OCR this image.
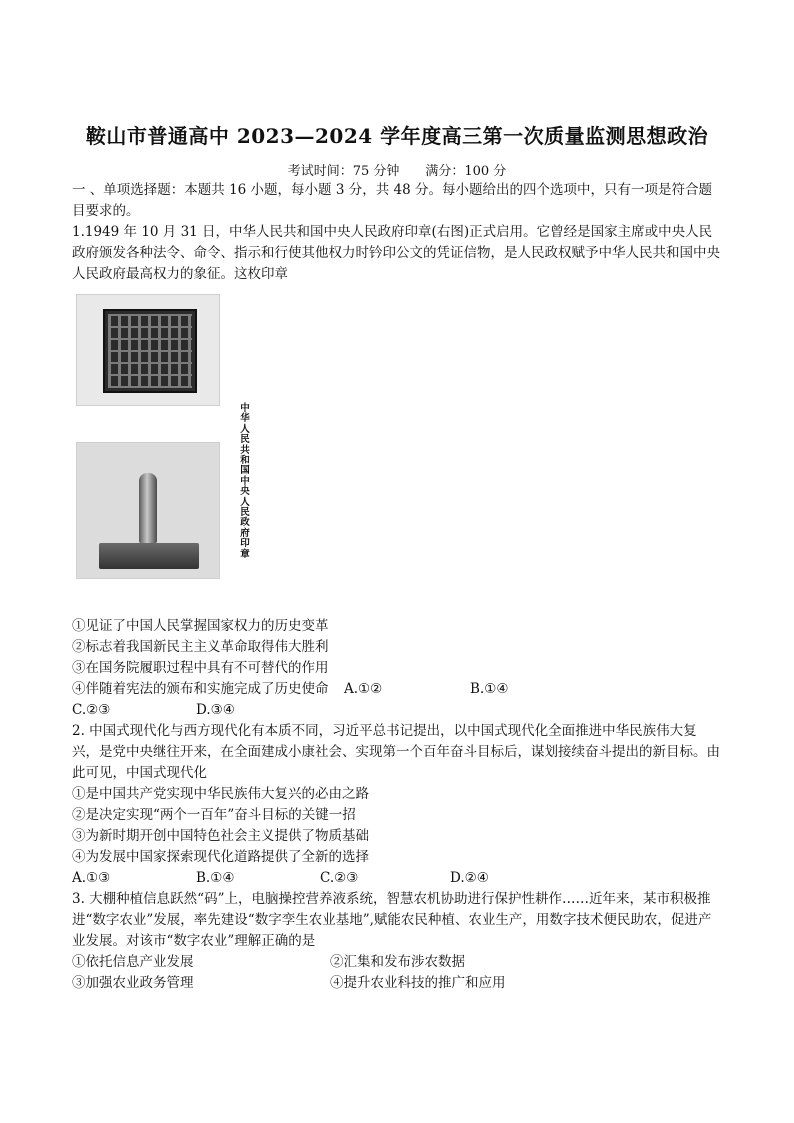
鞍山市普通高中 2023—2024 学年度高三第一次质量监测思想政治
考试时间：75 分钟　　满分：100 分
一 、单项选择题：本题共 16 小题，每小题 3 分，共 48 分。每小题给出的四个选项中，只有一项是符合题目要求的。
1.1949 年 10 月 31 日，中华人民共和国中央人民政府印章(右图)正式启用。它曾经是国家主席或中央人民政府颁发各种法令、命令、指示和行使其他权力时钤印公文的凭证信物，是人民政权赋予中华人民共和国中央人民政府最高权力的象征。这枚印章
中华人民共和国中央人民政府印章
①见证了中国人民掌握国家权力的历史变革
②标志着我国新民主主义革命取得伟大胜利
③在国务院履职过程中具有不可替代的作用
④伴随着宪法的颁布和实施完成了历史使命 A.①②	B.①④
C.②③	D.③④
2. 中国式现代化与西方现代化有本质不同，习近平总书记提出，以中国式现代化全面推进中华民族伟大复兴，是党中央继往开来，在全面建成小康社会、实现第一个百年奋斗目标后，谋划接续奋斗提出的新目标。由此可见，中国式现代化
①是中国共产党实现中华民族伟大复兴的必由之路
②是决定实现“两个一百年”奋斗目标的关键一招
③为新时期开创中国特色社会主义提供了物质基础
④为发展中国家探索现代化道路提供了全新的选择
A.①③	B.①④	C.②③	D.②④
3. 大棚种植信息跃然“码”上，电脑操控营养液系统，智慧农机协助进行保护性耕作……近年来，某市积极推进“数字农业”发展，率先建设“数字孪生农业基地”,赋能农民种植、农业生产，用数字技术便民助农，促进产业发展。对该市“数字农业”理解正确的是
①依托信息产业发展	②汇集和发布涉农数据
③加强农业政务管理	④提升农业科技的推广和应用
